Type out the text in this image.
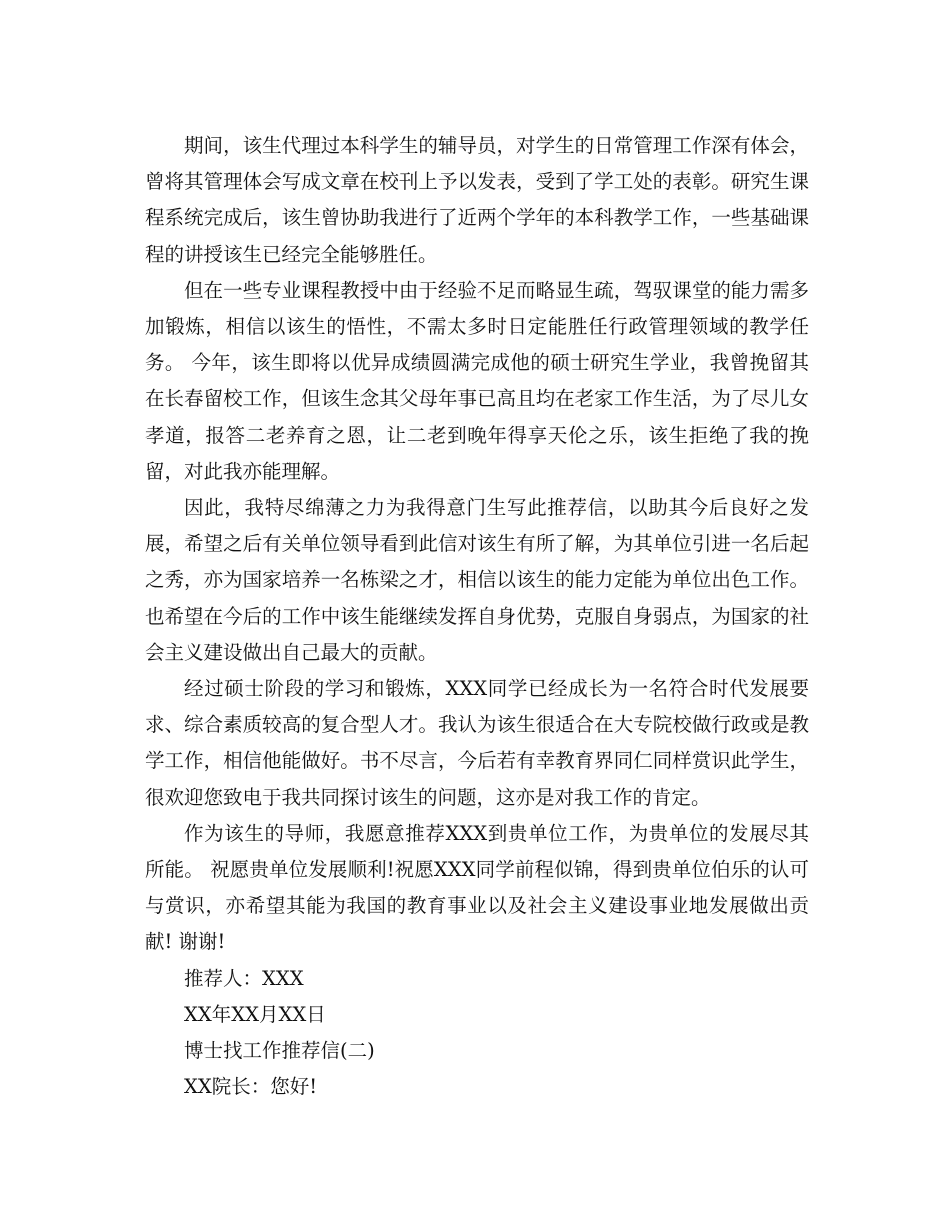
期间，该生代理过本科学生的辅导员，对学生的日常管理工作深有体会，曾将其管理体会写成文章在校刊上予以发表，受到了学工处的表彰。研究生课程系统完成后，该生曾协助我进行了近两个学年的本科教学工作，一些基础课程的讲授该生已经完全能够胜任。

但在一些专业课程教授中由于经验不足而略显生疏，驾驭课堂的能力需多加锻炼，相信以该生的悟性，不需太多时日定能胜任行政管理领域的教学任务。 今年，该生即将以优异成绩圆满完成他的硕士研究生学业，我曾挽留其在长春留校工作，但该生念其父母年事已高且均在老家工作生活，为了尽儿女孝道，报答二老养育之恩，让二老到晚年得享天伦之乐，该生拒绝了我的挽留，对此我亦能理解。

因此，我特尽绵薄之力为我得意门生写此推荐信，以助其今后良好之发展，希望之后有关单位领导看到此信对该生有所了解，为其单位引进一名后起之秀，亦为国家培养一名栋梁之才，相信以该生的能力定能为单位出色工作。也希望在今后的工作中该生能继续发挥自身优势，克服自身弱点，为国家的社会主义建设做出自己最大的贡献。

经过硕士阶段的学习和锻炼，XXX同学已经成长为一名符合时代发展要求、综合素质较高的复合型人才。我认为该生很适合在大专院校做行政或是教学工作，相信他能做好。书不尽言，今后若有幸教育界同仁同样赏识此学生，很欢迎您致电于我共同探讨该生的问题，这亦是对我工作的肯定。

作为该生的导师，我愿意推荐XXX到贵单位工作，为贵单位的发展尽其所能。 祝愿贵单位发展顺利!祝愿XXX同学前程似锦，得到贵单位伯乐的认可与赏识，亦希望其能为我国的教育事业以及社会主义建设事业地发展做出贡献! 谢谢!

推荐人：XXX

XX年XX月XX日

博士找工作推荐信(二)

XX院长：您好!
